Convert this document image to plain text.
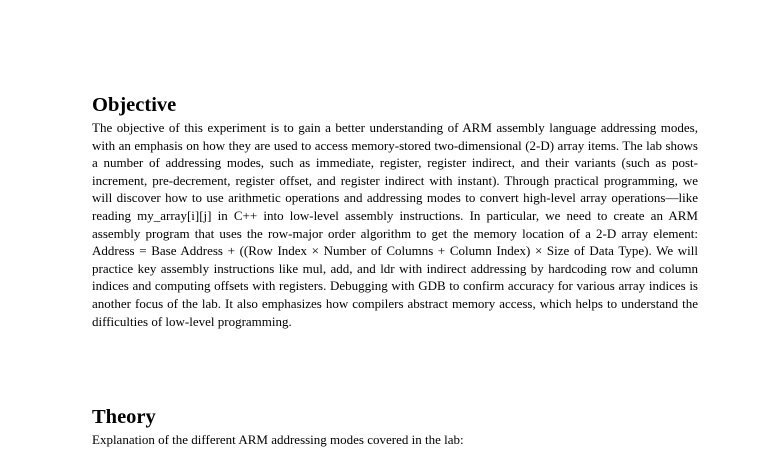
Objective

The objective of this experiment is to gain a better understanding of ARM assembly language addressing modes, with an emphasis on how they are used to access memory-stored two-dimensional (2-D) array items. The lab shows a number of addressing modes, such as immediate, register, register indirect, and their variants (such as post-increment, pre-decrement, register offset, and register indirect with instant). Through practical programming, we will discover how to use arithmetic operations and addressing modes to convert high-level array operations—like reading my_array[i][j] in C++ into low-level assembly instructions. In particular, we need to create an ARM assembly program that uses the row-major order algorithm to get the memory location of a 2-D array element: Address = Base Address + ((Row Index × Number of Columns + Column Index) × Size of Data Type). We will practice key assembly instructions like mul, add, and ldr with indirect addressing by hardcoding row and column indices and computing offsets with registers. Debugging with GDB to confirm accuracy for various array indices is another focus of the lab. It also emphasizes how compilers abstract memory access, which helps to understand the difficulties of low-level programming.

Theory

Explanation of the different ARM addressing modes covered in the lab:
